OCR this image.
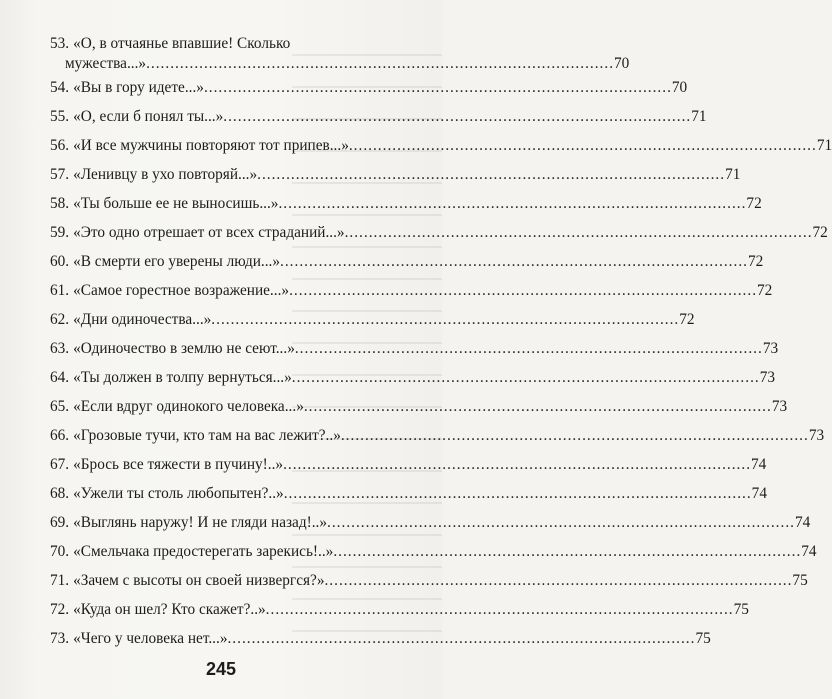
53. «О, в отчаянье впавшие! Сколько
мужества...» ................................................................................................. 70
54. «Вы в гору идете...» ................................................................................................. 70
55. «О, если б понял ты...» ................................................................................................. 71
56. «И все мужчины повторяют тот припев...» ................................................................................................. 71
57. «Ленивцу в ухо повторяй...» ................................................................................................. 71
58. «Ты больше ее не выносишь...» ................................................................................................. 72
59. «Это одно отрешает от всех страданий...» ................................................................................................. 72
60. «В смерти его уверены люди...» ................................................................................................. 72
61. «Самое горестное возражение...» ................................................................................................. 72
62. «Дни одиночества...» ................................................................................................. 72
63. «Одиночество в землю не сеют...» ................................................................................................. 73
64. «Ты должен в толпу вернуться...» ................................................................................................. 73
65. «Если вдруг одинокого человека...» ................................................................................................. 73
66. «Грозовые тучи, кто там на вас лежит?..» ................................................................................................. 73
67. «Брось все тяжести в пучину!..» ................................................................................................. 74
68. «Ужели ты столь любопытен?..» ................................................................................................. 74
69. «Выглянь наружу! И не гляди назад!..» ................................................................................................. 74
70. «Смельчака предостерегать зарекись!..» ................................................................................................. 74
71. «Зачем с высоты он своей низвергся?» ................................................................................................. 75
72. «Куда он шел? Кто скажет?..» ................................................................................................. 75
73. «Чего у человека нет...» ................................................................................................. 75
245
